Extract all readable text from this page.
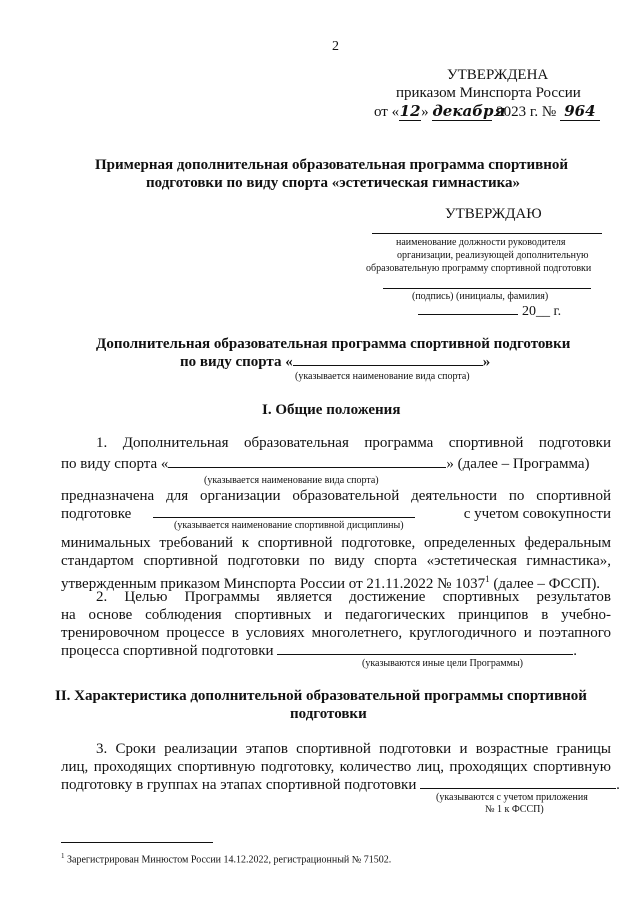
2
УТВЕРЖДЕНА
приказом Минспорта России
от «12» декабря 2023 г. № 964
Примерная дополнительная образовательная программа спортивной
подготовки по виду спорта «эстетическая гимнастика»
УТВЕРЖДАЮ
наименование должности руководителя
организации, реализующей дополнительную
образовательную программу спортивной подготовки
(подпись) (инициалы, фамилия)
20__ г.
Дополнительная образовательная программа спортивной подготовки
по виду спорта «	»
(указывается наименование вида спорта)
I. Общие положения
1. Дополнительная образовательная программа спортивной подготовки
по виду спорта «	» (далее – Программа)
(указывается наименование вида спорта)
предназначена для организации образовательной деятельности по спортивной
подготовке	с учетом совокупности
(указывается наименование спортивной дисциплины)
минимальных требований к спортивной подготовке, определенных федеральным
стандартом спортивной подготовки по виду спорта «эстетическая гимнастика»,
утвержденным приказом Минспорта России от 21.11.2022 № 1037$^1$ (далее – ФССП).
2. Целью Программы является достижение спортивных результатов
на основе соблюдения спортивных и педагогических принципов в учебно-
тренировочном процессе в условиях многолетнего, круглогодичного и поэтапного
процесса спортивной подготовки	.
(указываются иные цели Программы)
II. Характеристика дополнительной образовательной программы спортивной
подготовки
3. Сроки реализации этапов спортивной подготовки и возрастные границы
лиц, проходящих спортивную подготовку, количество лиц, проходящих спортивную
подготовку в группах на этапах спортивной подготовки	.
(указываются с учетом приложения
№ 1 к ФССП)
$^1$ Зарегистрирован Минюстом России 14.12.2022, регистрационный № 71502.
